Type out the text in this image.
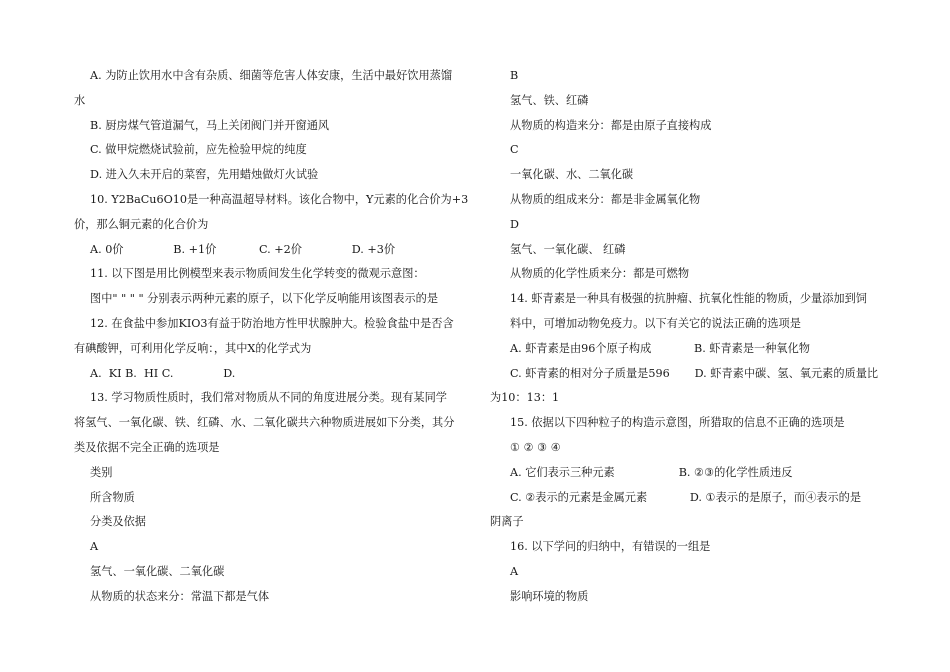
A. 为防止饮用水中含有杂质、细菌等危害人体安康，生活中最好饮用蒸馏
水
B. 厨房煤气管道漏气，马上关闭阀门并开窗通风
C. 做甲烷燃烧试验前，应先检验甲烷的纯度
D. 进入久未开启的菜窖，先用蜡烛做灯火试验
10. Y2BaCu6O10是一种高温超导材料。该化合物中，Y元素的化合价为+3
价，那么铜元素的化合价为
A. 0价              B. +1价            C. +2价              D. +3价
11. 以下图是用比例模型来表示物质间发生化学转变的微观示意图：
图中" " " " 分别表示两种元素的原子，以下化学反响能用该图表示的是
12. 在食盐中参加KIO3有益于防治地方性甲状腺肿大。检验食盐中是否含
有碘酸钾，可利用化学反响：，其中X的化学式为
A.  KI B.  HI C.              D.
13. 学习物质性质时，我们常对物质从不同的角度进展分类。现有某同学
将氢气、一氧化碳、铁、红磷、水、二氧化碳共六种物质进展如下分类，其分
类及依据不完全正确的选项是
类别
所含物质
分类及依据
A
氢气、一氧化碳、二氧化碳
从物质的状态来分：常温下都是气体
B
氢气、铁、红磷
从物质的构造来分：都是由原子直接构成
C
一氧化碳、水、二氧化碳
从物质的组成来分：都是非金属氧化物
D
氢气、一氧化碳、 红磷
从物质的化学性质来分：都是可燃物
14. 虾青素是一种具有极强的抗肿瘤、抗氧化性能的物质，少量添加到饲
料中，可增加动物免疫力。以下有关它的说法正确的选项是
A. 虾青素是由96个原子构成            B. 虾青素是一种氧化物
C. 虾青素的相对分子质量是596       D. 虾青素中碳、氢、氧元素的质量比
为10：13：1
15. 依据以下四种粒子的构造示意图，所猎取的信息不正确的选项是
① ② ③ ④
A. 它们表示三种元素                  B. ②③的化学性质违反
C. ②表示的元素是金属元素            D. ①表示的是原子，而④表示的是
阴离子
16. 以下学问的归纳中，有错误的一组是
A
影响环境的物质
